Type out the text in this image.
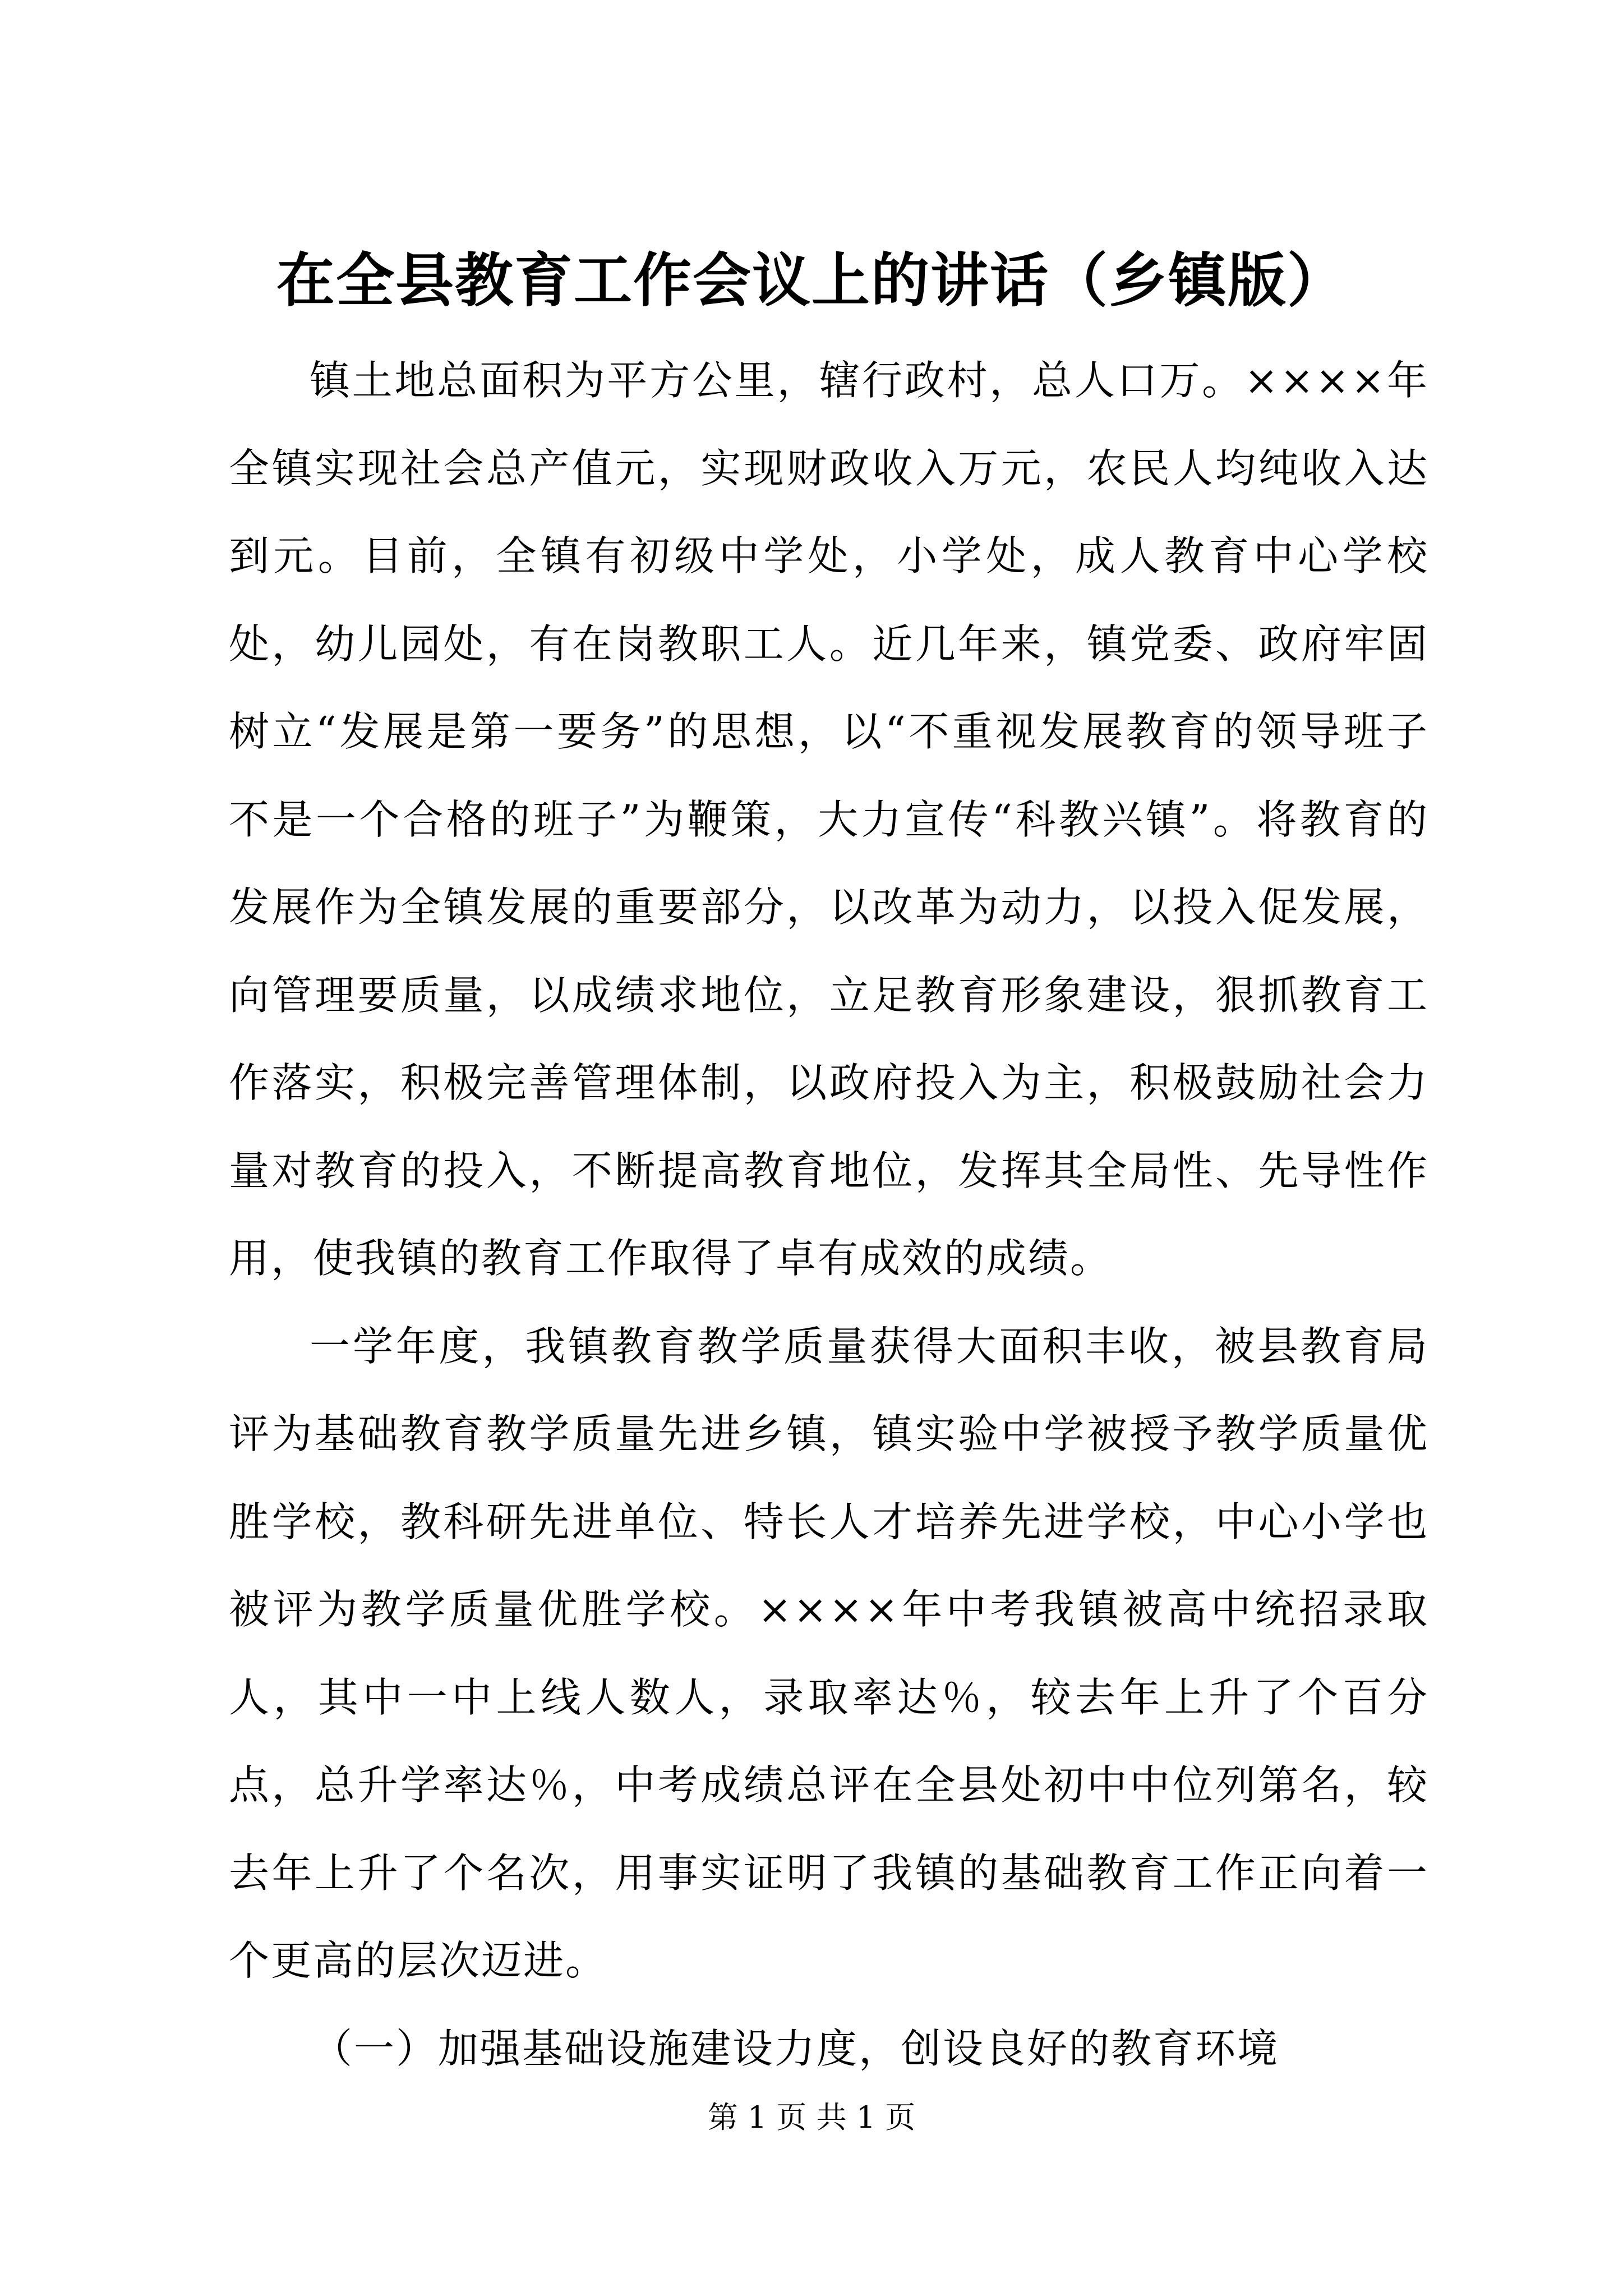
在全县教育工作会议上的讲话（乡镇版）

镇土地总面积为平方公里，辖行政村，总人口万。××××年全镇实现社会总产值元，实现财政收入万元，农民人均纯收入达到元。目前，全镇有初级中学处，小学处，成人教育中心学校处，幼儿园处，有在岗教职工人。近几年来，镇党委、政府牢固树立“发展是第一要务”的思想，以“不重视发展教育的领导班子不是一个合格的班子”为鞭策，大力宣传“科教兴镇”。将教育的发展作为全镇发展的重要部分，以改革为动力，以投入促发展，向管理要质量，以成绩求地位，立足教育形象建设，狠抓教育工作落实，积极完善管理体制，以政府投入为主，积极鼓励社会力量对教育的投入，不断提高教育地位，发挥其全局性、先导性作用，使我镇的教育工作取得了卓有成效的成绩。

一学年度，我镇教育教学质量获得大面积丰收，被县教育局评为基础教育教学质量先进乡镇，镇实验中学被授予教学质量优胜学校，教科研先进单位、特长人才培养先进学校，中心小学也被评为教学质量优胜学校。××××年中考我镇被高中统招录取人，其中一中上线人数人，录取率达％，较去年上升了个百分点，总升学率达％，中考成绩总评在全县处初中中位列第名，较去年上升了个名次，用事实证明了我镇的基础教育工作正向着一个更高的层次迈进。

（一）加强基础设施建设力度，创设良好的教育环境

第 1 页 共 1 页
